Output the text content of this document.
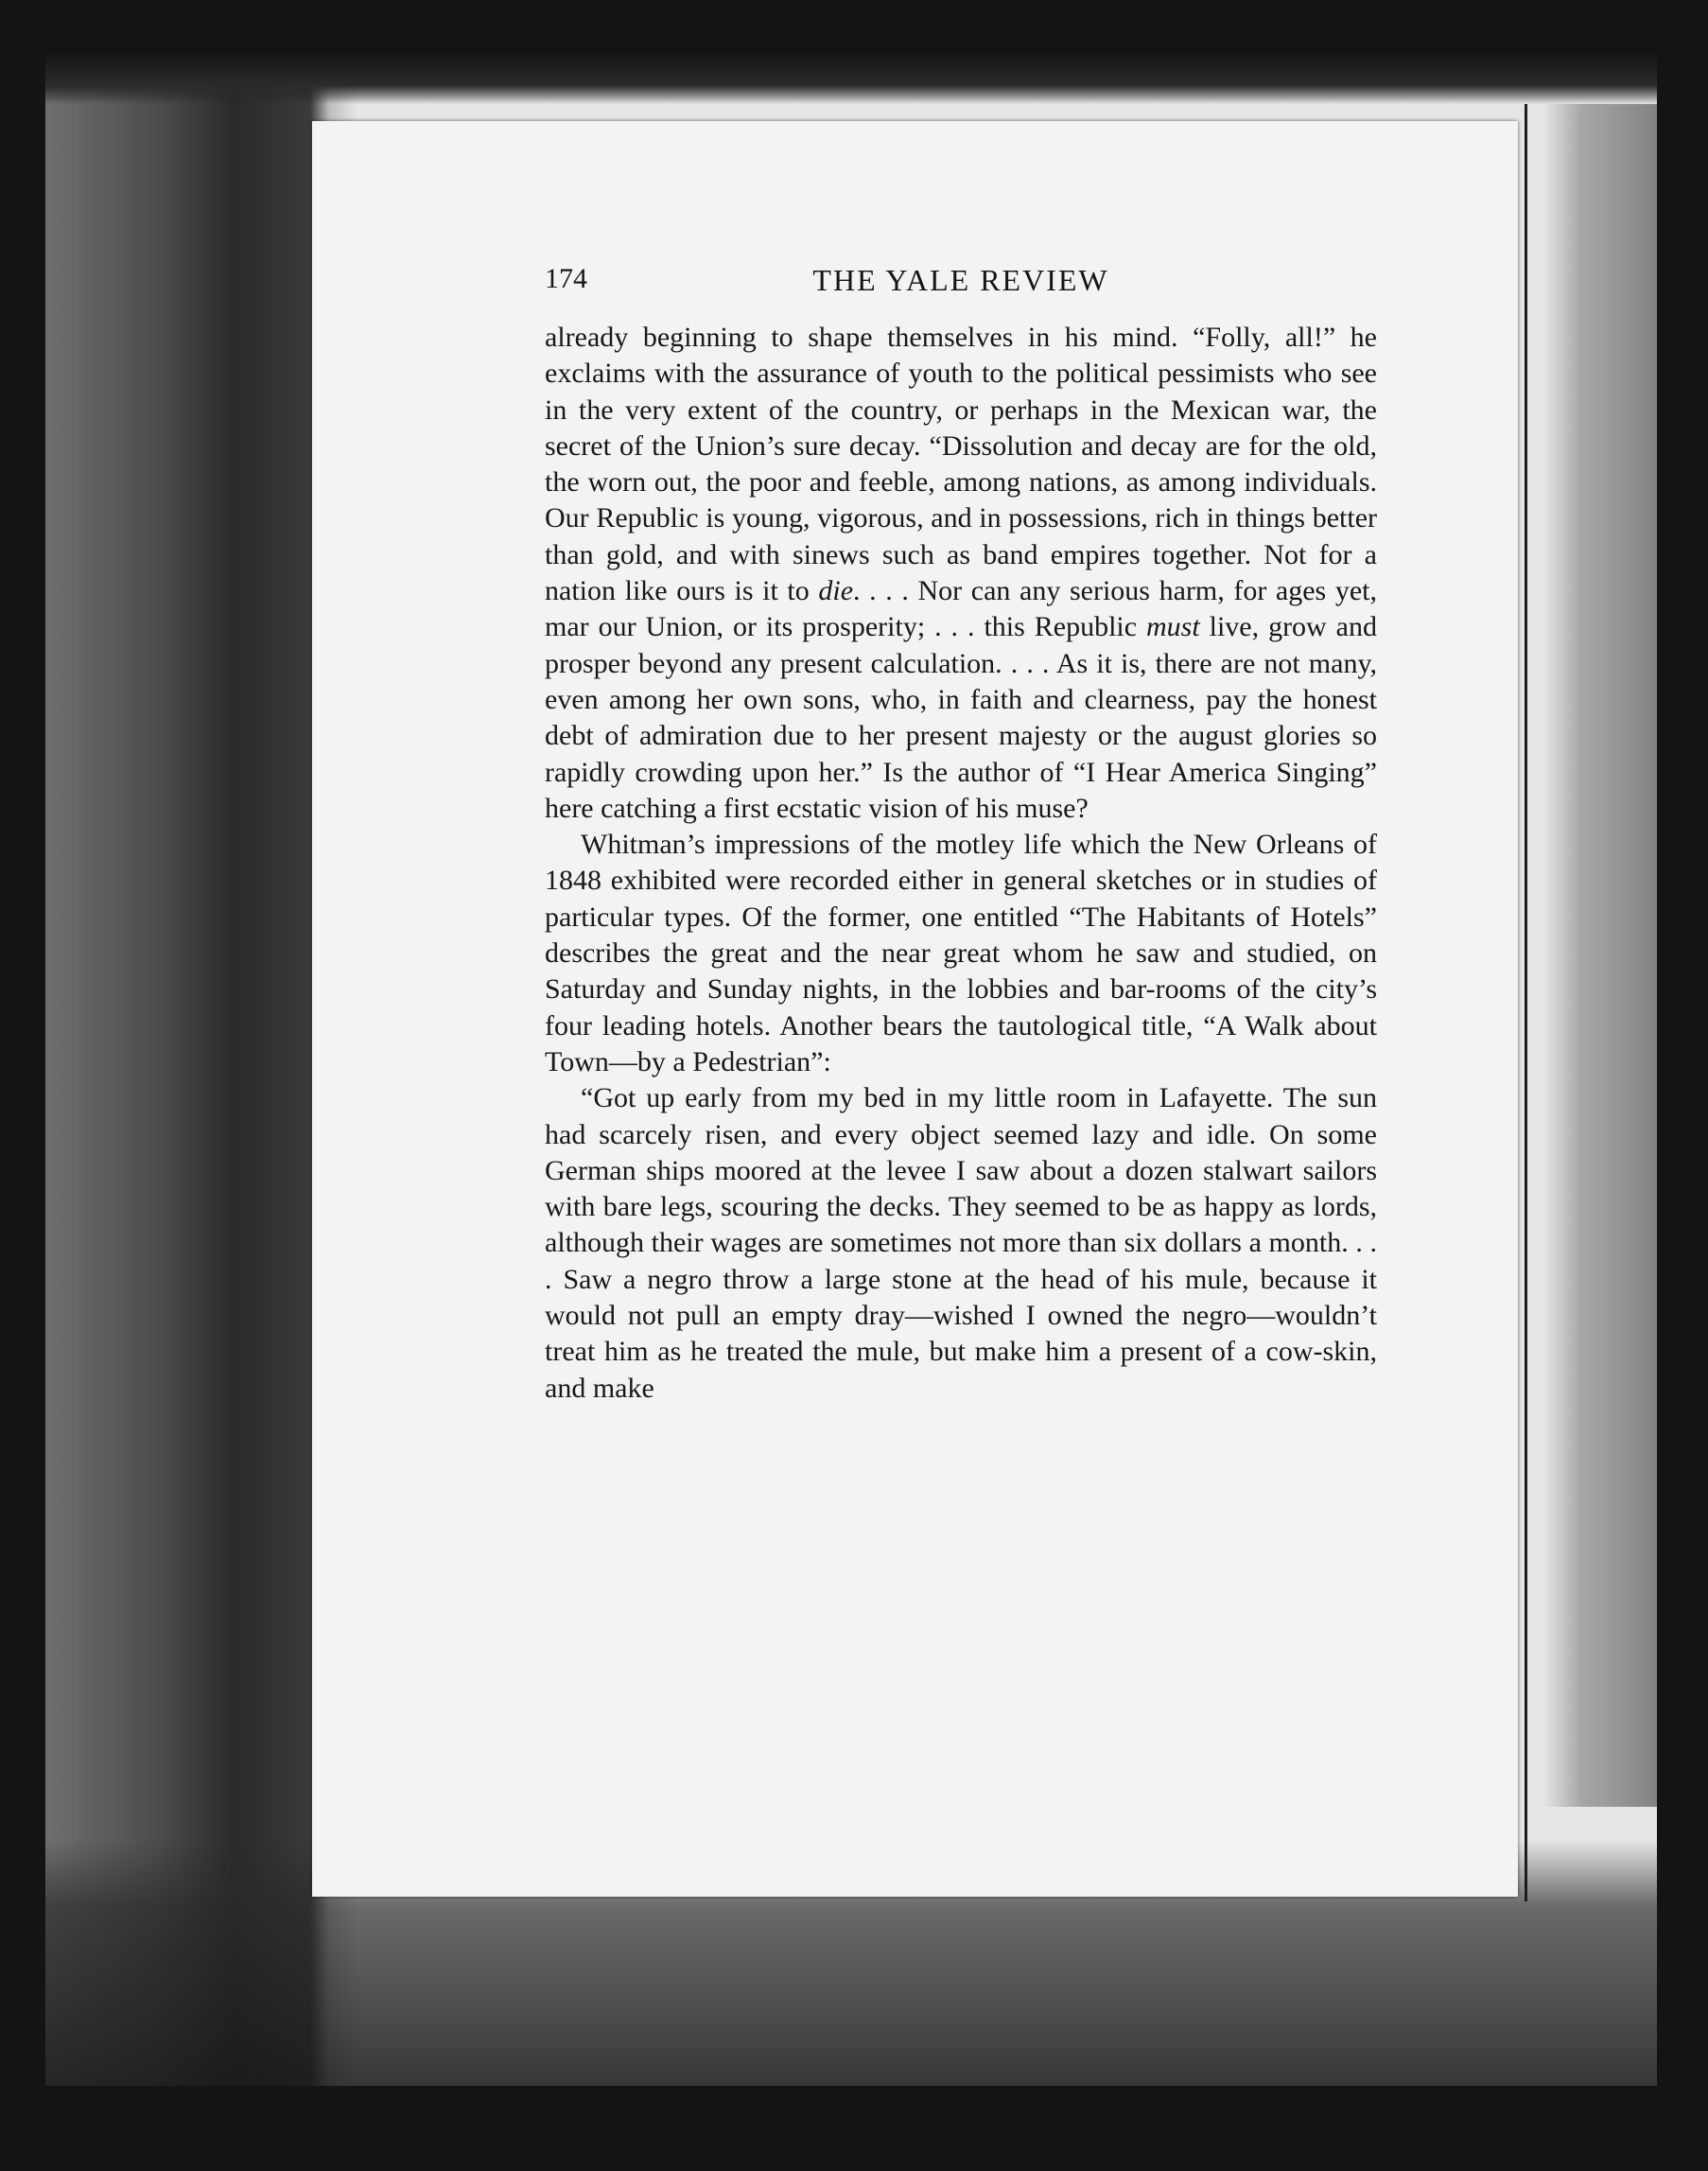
174	THE YALE REVIEW

already beginning to shape themselves in his mind. “Folly, all!” he exclaims with the assurance of youth to the political pessimists who see in the very extent of the country, or perhaps in the Mexican war, the secret of the Union’s sure decay. “Dissolution and decay are for the old, the worn out, the poor and feeble, among nations, as among individuals. Our Republic is young, vigorous, and in possessions, rich in things better than gold, and with sinews such as band empires together. Not for a nation like ours is it to die. . . . Nor can any serious harm, for ages yet, mar our Union, or its prosperity; . . . this Republic must live, grow and prosper beyond any present calculation. . . . As it is, there are not many, even among her own sons, who, in faith and clearness, pay the honest debt of admiration due to her present majesty or the august glories so rapidly crowding upon her.” Is the author of “I Hear America Singing” here catching a first ecstatic vision of his muse?

Whitman’s impressions of the motley life which the New Orleans of 1848 exhibited were recorded either in general sketches or in studies of particular types. Of the former, one entitled “The Habitants of Hotels” describes the great and the near great whom he saw and studied, on Saturday and Sunday nights, in the lobbies and bar-rooms of the city’s four leading hotels. Another bears the tautological title, “A Walk about Town—by a Pedestrian”:

“Got up early from my bed in my little room in Lafayette. The sun had scarcely risen, and every object seemed lazy and idle. On some German ships moored at the levee I saw about a dozen stalwart sailors with bare legs, scouring the decks. They seemed to be as happy as lords, although their wages are sometimes not more than six dollars a month. . . . Saw a negro throw a large stone at the head of his mule, because it would not pull an empty dray—wished I owned the negro—wouldn’t treat him as he treated the mule, but make him a present of a cow-skin, and make
